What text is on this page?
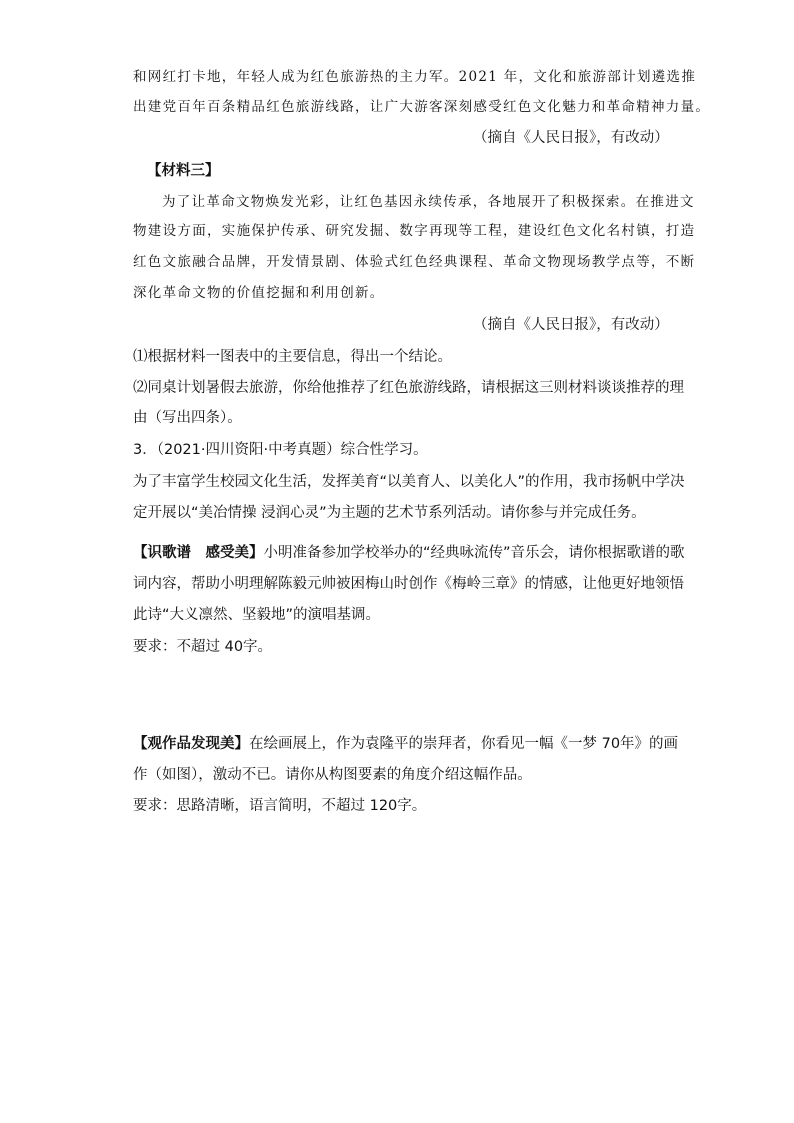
和网红打卡地，年轻人成为红色旅游热的主力军。2021 年，文化和旅游部计划遴选推
出建党百年百条精品红色旅游线路，让广大游客深刻感受红色文化魅力和革命精神力量。
（摘自《人民日报》，有改动）
【材料三】
为了让革命文物焕发光彩，让红色基因永续传承，各地展开了积极探索。在推进文
物建设方面，实施保护传承、研究发掘、数字再现等工程，建设红色文化名村镇，打造
红色文旅融合品牌，开发情景剧、体验式红色经典课程、革命文物现场教学点等，不断
深化革命文物的价值挖掘和利用创新。
（摘自《人民日报》，有改动）
⑴根据材料一图表中的主要信息，得出一个结论。
⑵同桌计划暑假去旅游，你给他推荐了红色旅游线路，请根据这三则材料谈谈推荐的理
由（写出四条）。
3．（2021·四川资阳·中考真题）综合性学习。
为了丰富学生校园文化生活，发挥美育“以美育人、以美化人”的作用，我市扬帆中学决
定开展以“美冶情操 浸润心灵”为主题的艺术节系列活动。请你参与并完成任务。
【识歌谱　感受美】小明准备参加学校举办的“经典咏流传”音乐会，请你根据歌谱的歌
词内容，帮助小明理解陈毅元帅被困梅山时创作《梅岭三章》的情感，让他更好地领悟
此诗“大义凛然、坚毅地”的演唱基调。
要求：不超过 40字。
【观作品发现美】在绘画展上，作为袁隆平的崇拜者，你看见一幅《一梦 70年》的画
作（如图），激动不已。请你从构图要素的角度介绍这幅作品。
要求：思路清晰，语言简明，不超过 120字。
